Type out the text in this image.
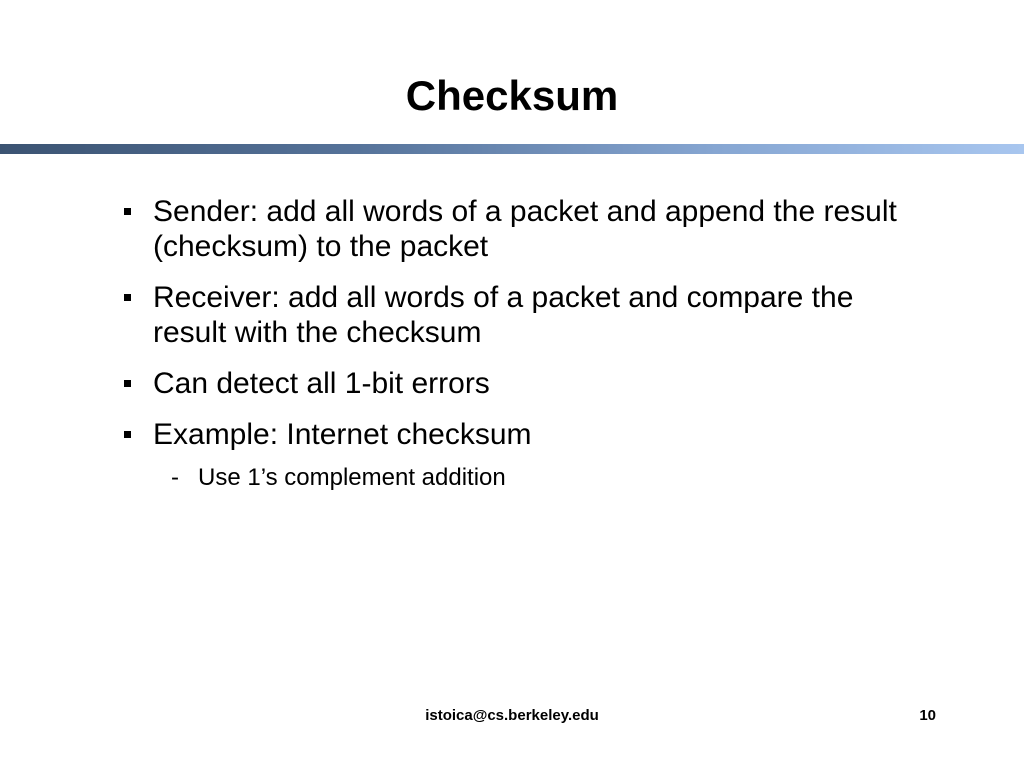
Checksum
Sender: add all words of a packet and append the result (checksum) to the packet
Receiver: add all words of a packet and compare the result with the checksum
Can detect all 1-bit errors
Example: Internet checksum
- Use 1’s complement addition
istoica@cs.berkeley.edu	10
